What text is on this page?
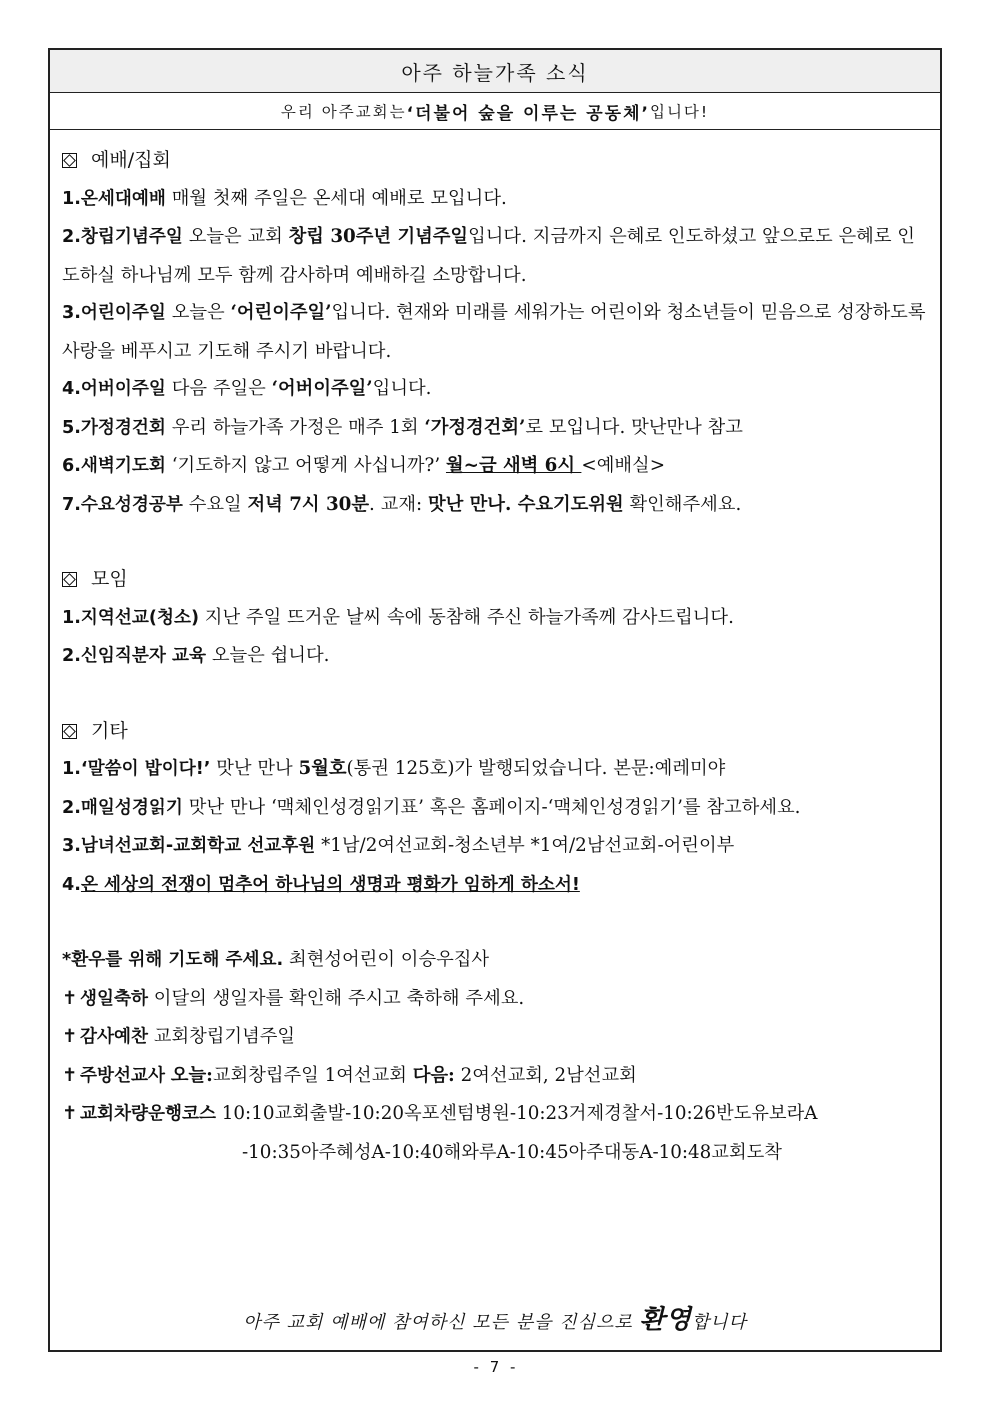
아주 하늘가족 소식
우리 아주교회는 ‘더불어 숲을 이루는 공동체’ 입니다!
예배/집회

1.온세대예배 매월 첫째 주일은 온세대 예배로 모입니다.

2.창립기념주일 오늘은 교회 창립 30주년 기념주일입니다. 지금까지 은혜로 인도하셨고 앞으로도 은혜로 인도하실 하나님께 모두 함께 감사하며 예배하길 소망합니다.

3.어린이주일 오늘은 ‘어린이주일’입니다. 현재와 미래를 세워가는 어린이와 청소년들이 믿음으로 성장하도록 사랑을 베푸시고 기도해 주시기 바랍니다.

4.어버이주일 다음 주일은 ‘어버이주일’입니다.

5.가정경건회 우리 하늘가족 가정은 매주 1회 ‘가정경건회’로 모입니다. 맛난만나 참고

6.새벽기도회 ‘기도하지 않고 어떻게 사십니까?’ 월~금 새벽 6시 <예배실>

7.수요성경공부 수요일 저녁 7시 30분. 교재: 맛난 만나. 수요기도위원 확인해주세요.

모임

1.지역선교(청소) 지난 주일 뜨거운 날씨 속에 동참해 주신 하늘가족께 감사드립니다.

2.신임직분자 교육 오늘은 쉽니다.

기타

1.‘말씀이 밥이다!’ 맛난 만나 5월호(통권 125호)가 발행되었습니다. 본문:예레미야

2.매일성경읽기 맛난 만나 ‘맥체인성경읽기표’ 혹은 홈페이지-‘맥체인성경읽기’를 참고하세요.

3.남녀선교회-교회학교 선교후원 *1남/2여선교회-청소년부 *1여/2남선교회-어린이부

4.온 세상의 전쟁이 멈추어 하나님의 생명과 평화가 임하게 하소서!

*환우를 위해 기도해 주세요. 최현성어린이 이승우집사

✝ 생일축하 이달의 생일자를 확인해 주시고 축하해 주세요.

✝ 감사예찬 교회창립기념주일

✝ 주방선교사 오늘:교회창립주일 1여선교회 다음: 2여선교회, 2남선교회

✝ 교회차량운행코스 10:10교회출발-10:20옥포센텀병원-10:23거제경찰서-10:26반도유보라A

-10:35아주혜성A-10:40해와루A-10:45아주대동A-10:48교회도착

아주 교회 예배에 참여하신 모든 분을 진심으로 환영합니다
- 7 -
